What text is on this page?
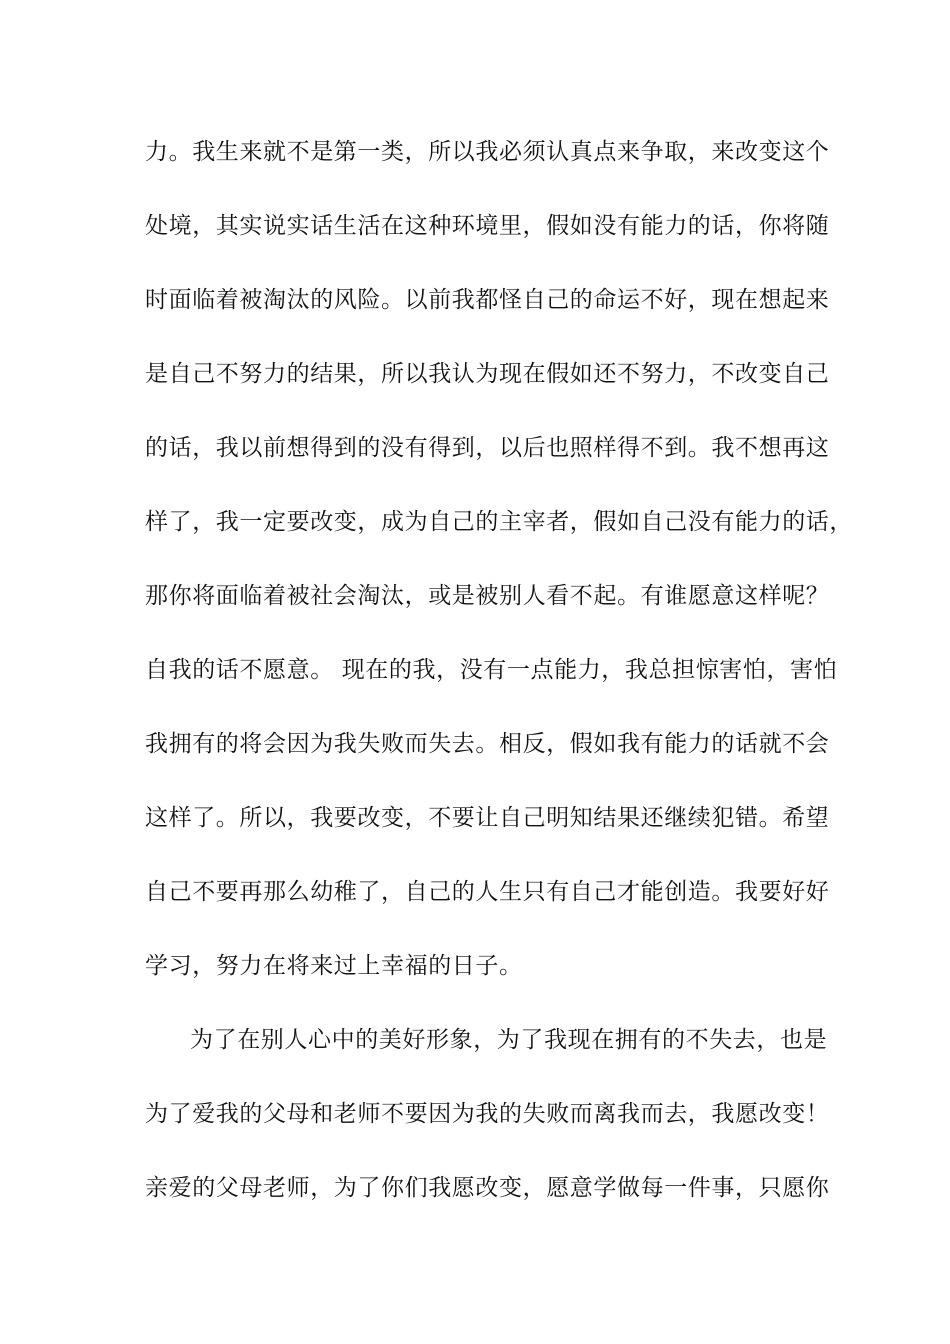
力。我生来就不是第一类，所以我必须认真点来争取，来改变这个
处境，其实说实话生活在这种环境里，假如没有能力的话，你将随
时面临着被淘汰的风险。以前我都怪自己的命运不好，现在想起来
是自己不努力的结果，所以我认为现在假如还不努力，不改变自己
的话，我以前想得到的没有得到，以后也照样得不到。我不想再这
样了，我一定要改变，成为自己的主宰者，假如自己没有能力的话，
那你将面临着被社会淘汰，或是被别人看不起。有谁愿意这样呢？
自我的话不愿意。 现在的我，没有一点能力，我总担惊害怕，害怕
我拥有的将会因为我失败而失去。相反，假如我有能力的话就不会
这样了。所以，我要改变，不要让自己明知结果还继续犯错。希望
自己不要再那么幼稚了，自己的人生只有自己才能创造。我要好好
学习，努力在将来过上幸福的日子。
为了在别人心中的美好形象，为了我现在拥有的不失去，也是
为了爱我的父母和老师不要因为我的失败而离我而去，我愿改变！
亲爱的父母老师，为了你们我愿改变，愿意学做每一件事，只愿你
